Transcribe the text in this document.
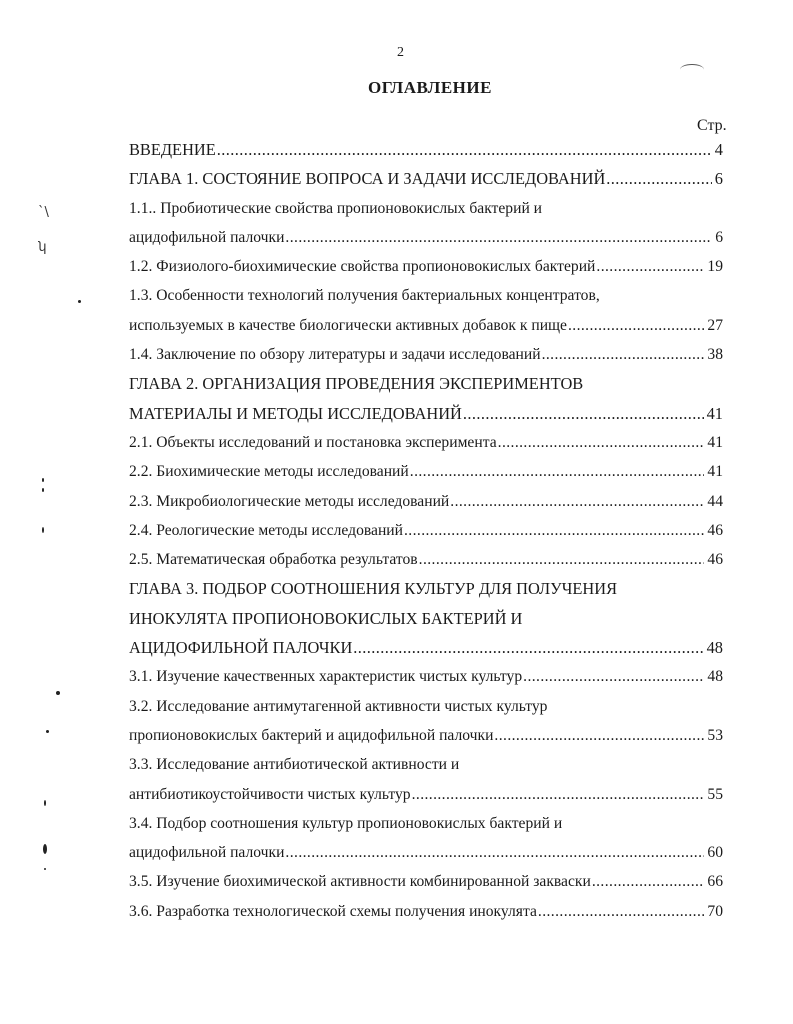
2
ОГЛАВЛЕНИЕ
Стр.
ВВЕДЕНИЕ .....	4
ГЛАВА 1. СОСТОЯНИЕ ВОПРОСА И ЗАДАЧИ ИССЛЕДОВАНИЙ .....	6
1.1.. Пробиотические свойства пропионовокислых бактерий и
ацидофильной палочки .....	6
1.2. Физиолого-биохимические свойства пропионовокислых бактерий .....	19
1.3. Особенности технологий получения бактериальных концентратов,
используемых в качестве биологически активных добавок к пище .....	27
1.4. Заключение по обзору литературы и задачи исследований .....	38
ГЛАВА 2. ОРГАНИЗАЦИЯ ПРОВЕДЕНИЯ ЭКСПЕРИМЕНТОВ
МАТЕРИАЛЫ И МЕТОДЫ ИССЛЕДОВАНИЙ .....	41
2.1. Объекты исследований и постановка эксперимента .....	41
2.2. Биохимические методы исследований .....	41
2.3. Микробиологические методы исследований .....	44
2.4. Реологические методы исследований .....	46
2.5. Математическая обработка результатов .....	46
ГЛАВА 3. ПОДБОР СООТНОШЕНИЯ КУЛЬТУР ДЛЯ ПОЛУЧЕНИЯ
ИНОКУЛЯТА ПРОПИОНОВОКИСЛЫХ БАКТЕРИЙ И
АЦИДОФИЛЬНОЙ ПАЛОЧКИ .....	48
3.1. Изучение качественных характеристик чистых культур .....	48
3.2. Исследование антимутагенной активности чистых культур
пропионовокислых бактерий и ацидофильной палочки .....	53
3.3. Исследование антибиотической активности и
антибиотикоустойчивости чистых культур .....	55
3.4. Подбор соотношения культур пропионовокислых бактерий и
ацидофильной палочки .....	60
3.5. Изучение биохимической активности комбинированной закваски .....	66
3.6. Разработка технологической схемы получения инокулята .....	70
`\
ʮ
